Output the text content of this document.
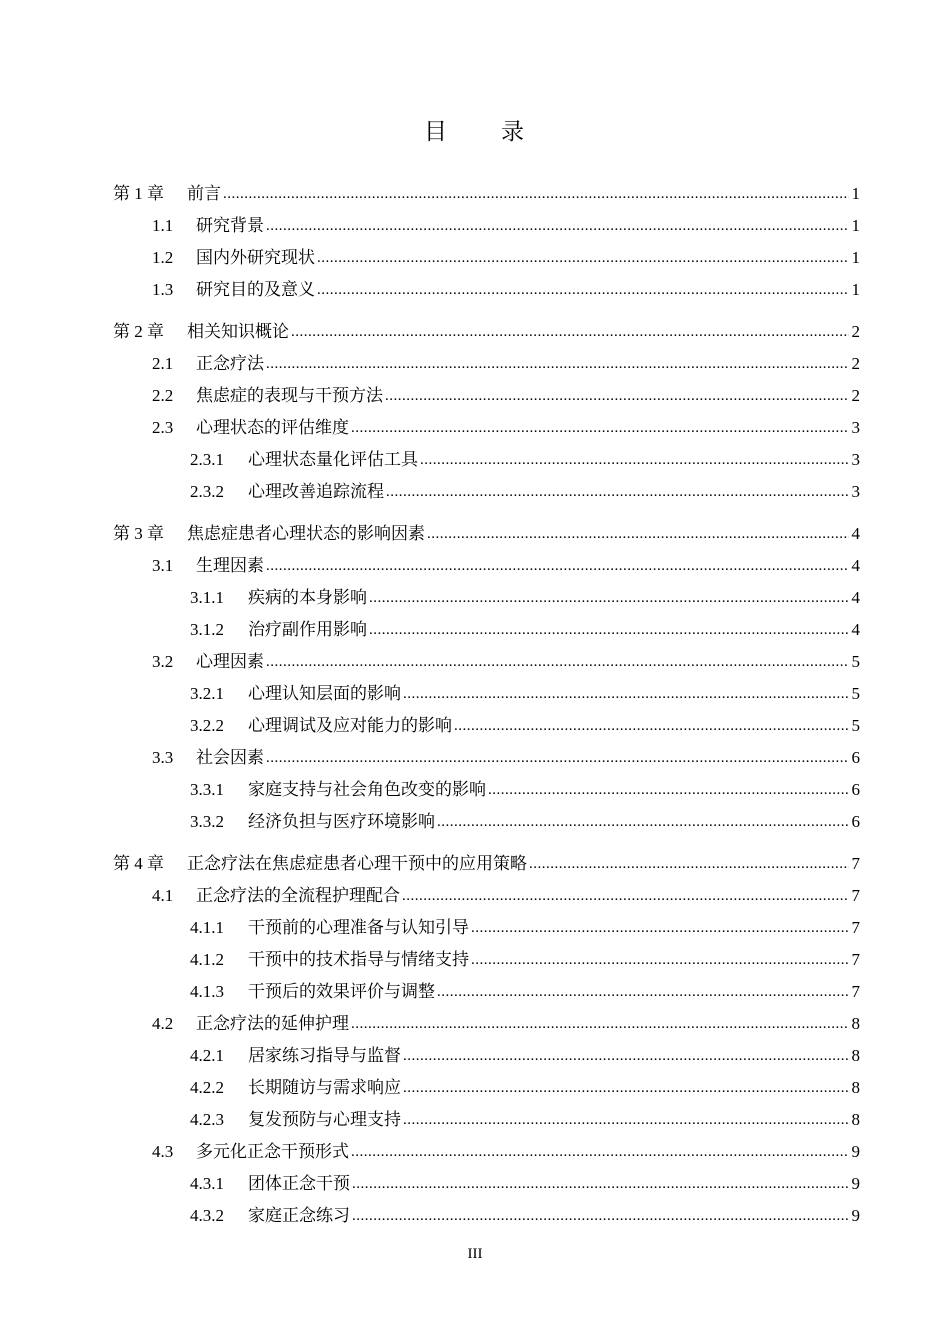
目 录
第 1 章	前言 .....	1
1.1	研究背景 .....	1
1.2	国内外研究现状 .....	1
1.3	研究目的及意义 .....	1
第 2 章	相关知识概论 .....	2
2.1	正念疗法 .....	2
2.2	焦虑症的表现与干预方法 .....	2
2.3	心理状态的评估维度 .....	3
2.3.1	心理状态量化评估工具 .....	3
2.3.2	心理改善追踪流程 .....	3
第 3 章	焦虑症患者心理状态的影响因素 .....	4
3.1	生理因素 .....	4
3.1.1	疾病的本身影响 .....	4
3.1.2	治疗副作用影响 .....	4
3.2	心理因素 .....	5
3.2.1	心理认知层面的影响 .....	5
3.2.2	心理调试及应对能力的影响 .....	5
3.3	社会因素 .....	6
3.3.1	家庭支持与社会角色改变的影响 .....	6
3.3.2	经济负担与医疗环境影响 .....	6
第 4 章	正念疗法在焦虑症患者心理干预中的应用策略 .....	7
4.1	正念疗法的全流程护理配合 .....	7
4.1.1	干预前的心理准备与认知引导 .....	7
4.1.2	干预中的技术指导与情绪支持 .....	7
4.1.3	干预后的效果评价与调整 .....	7
4.2	正念疗法的延伸护理 .....	8
4.2.1	居家练习指导与监督 .....	8
4.2.2	长期随访与需求响应 .....	8
4.2.3	复发预防与心理支持 .....	8
4.3	多元化正念干预形式 .....	9
4.3.1	团体正念干预 .....	9
4.3.2	家庭正念练习 .....	9
III
